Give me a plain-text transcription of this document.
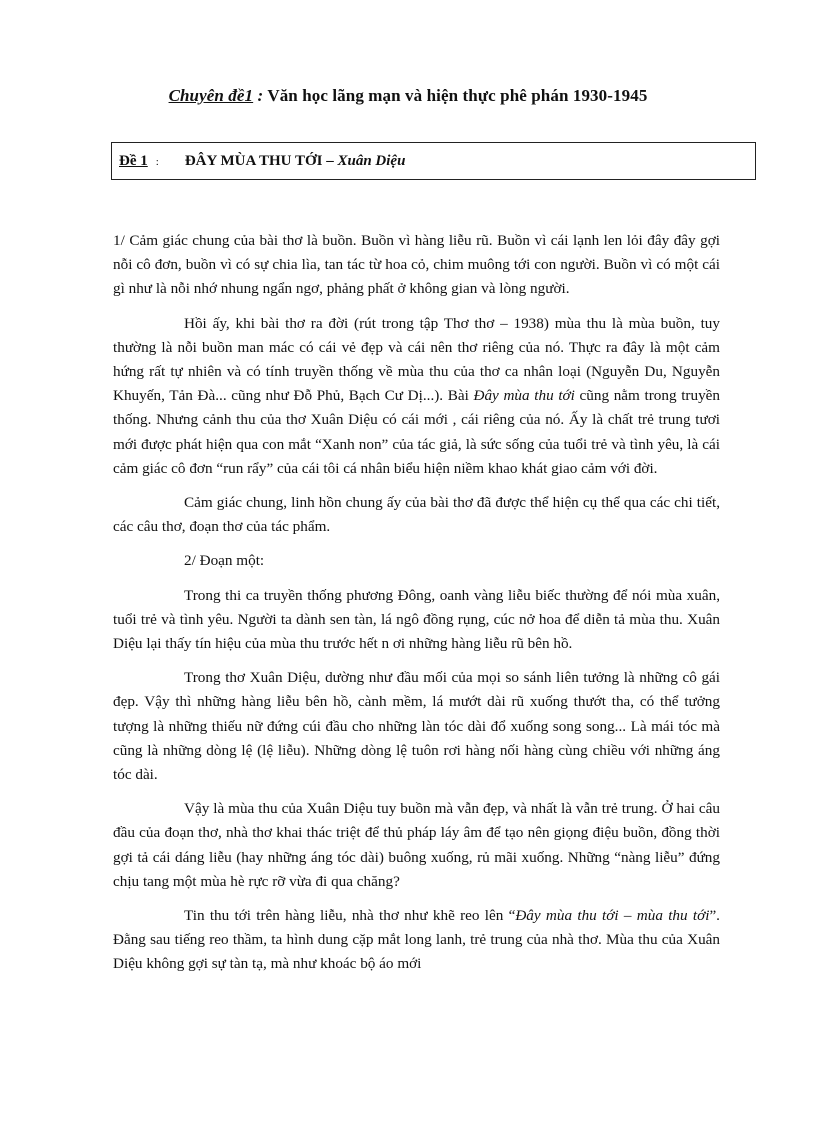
Chuyên đề1 : Văn học lãng mạn và hiện thực phê phán 1930-1945
Đề 1 : ĐÂY MÙA THU TỚI – Xuân Diệu

1/ Cảm giác chung của bài thơ là buồn. Buồn vì hàng liễu rũ. Buồn vì cái lạnh len lỏi đây đây gợi nỗi cô đơn, buồn vì có sự chia lìa, tan tác từ hoa cỏ, chim muông tới con người. Buồn vì có một cái gì như là nỗi nhớ nhung ngẩn ngơ, phảng phất ở không gian và lòng người.

Hồi ấy, khi bài thơ ra đời (rút trong tập Thơ thơ – 1938) mùa thu là mùa buồn, tuy thường là nỗi buồn man mác có cái vẻ đẹp và cái nên thơ riêng của nó. Thực ra đây là một cảm hứng rất tự nhiên và có tính truyền thống về mùa thu của thơ ca nhân loại (Nguyễn Du, Nguyễn Khuyến, Tản Đà... cũng như Đỗ Phủ, Bạch Cư Dị...). Bài Đây mùa thu tới cũng nằm trong truyền thống. Nhưng cảnh thu của thơ Xuân Diệu có cái mới , cái riêng của nó. Ấy là chất trẻ trung tươi mới được phát hiện qua con mắt “Xanh non” của tác giả, là sức sống của tuổi trẻ và tình yêu, là cái cảm giác cô đơn “run rẩy” của cái tôi cá nhân biểu hiện niềm khao khát giao cảm với đời.

Cảm giác chung, linh hồn chung ấy của bài thơ đã được thể hiện cụ thể qua các chi tiết, các câu thơ, đoạn thơ của tác phẩm.

2/ Đoạn một:

Trong thi ca truyền thống phương Đông, oanh vàng liễu biếc thường để nói mùa xuân, tuổi trẻ và tình yêu. Người ta dành sen tàn, lá ngô đồng rụng, cúc nở hoa để diễn tả mùa thu. Xuân Diệu lại thấy tín hiệu của mùa thu trước hết n ơi những hàng liễu rũ bên hồ.

Trong thơ Xuân Diệu, dường như đầu mối của mọi so sánh liên tưởng là những cô gái đẹp. Vậy thì những hàng liễu bên hồ, cành mềm, lá mướt dài rũ xuống thướt tha, có thể tưởng tượng là những thiếu nữ đứng cúi đầu cho những làn tóc dài đổ xuống song song... Là mái tóc mà cũng là những dòng lệ (lệ liễu). Những dòng lệ tuôn rơi hàng nối hàng cùng chiều với những áng tóc dài.

Vậy là mùa thu của Xuân Diệu tuy buồn mà vẫn đẹp, và nhất là vẫn trẻ trung. Ở hai câu đầu của đoạn thơ, nhà thơ khai thác triệt để thủ pháp láy âm để tạo nên giọng điệu buồn, đồng thời gợi tả cái dáng liễu (hay những áng tóc dài) buông xuống, rủ mãi xuống. Những “nàng liễu” đứng chịu tang một mùa hè rực rỡ vừa đi qua chăng?

Tin thu tới trên hàng liễu, nhà thơ như khẽ reo lên “Đây mùa thu tới – mùa thu tới”. Đằng sau tiếng reo thầm, ta hình dung cặp mắt long lanh, trẻ trung của nhà thơ. Mùa thu của Xuân Diệu không gợi sự tàn tạ, mà như khoác bộ áo mới
